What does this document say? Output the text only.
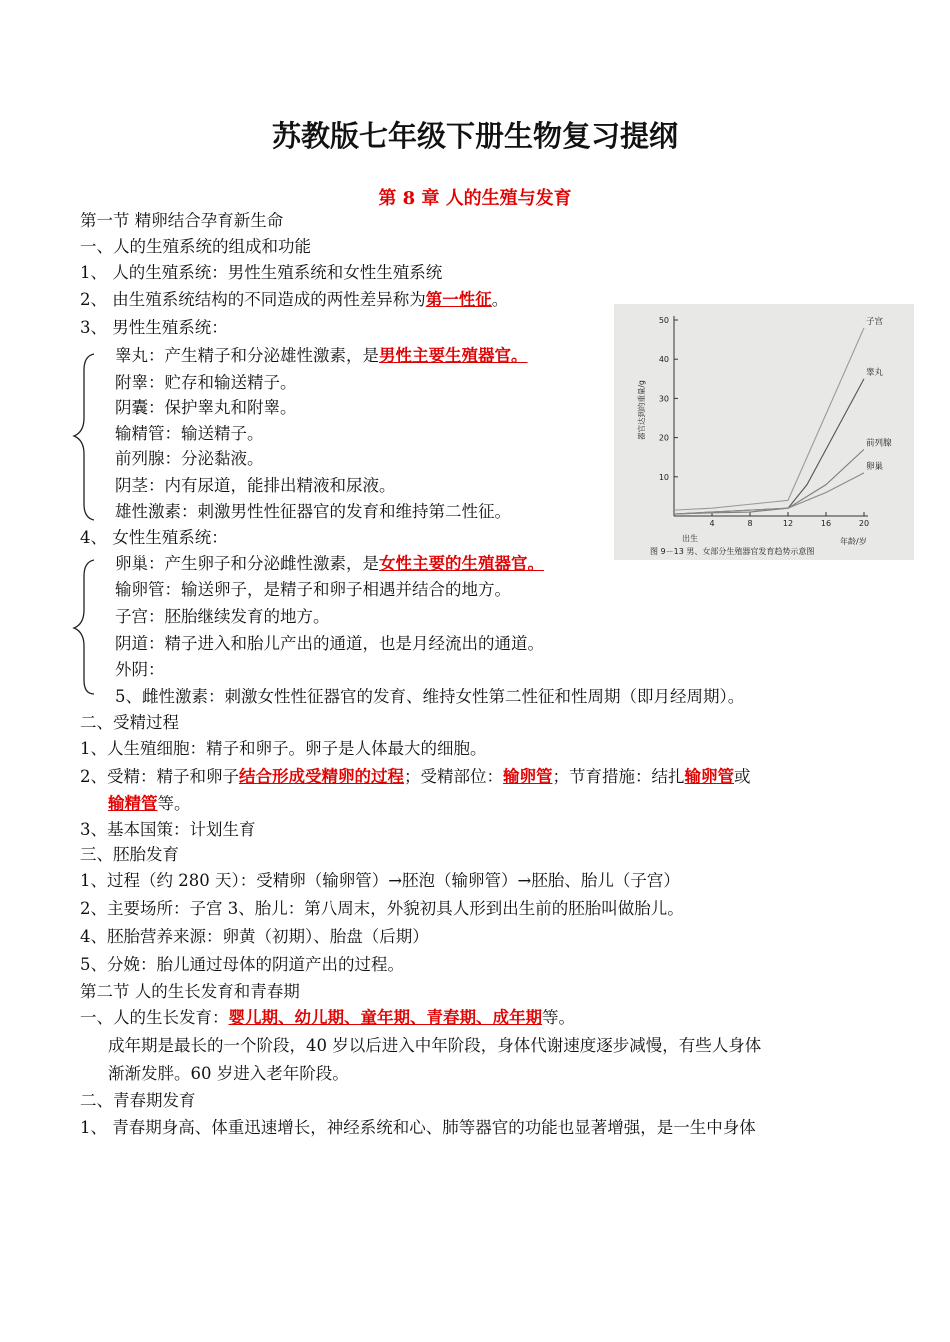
苏教版七年级下册生物复习提纲
第 8 章 人的生殖与发育
第一节 精卵结合孕育新生命
一、人的生殖系统的组成和功能
1、 人的生殖系统：男性生殖系统和女性生殖系统
2、 由生殖系统结构的不同造成的两性差异称为第一性征。
3、 男性生殖系统：
睾丸：产生精子和分泌雄性激素，是男性主要生殖器官。
附睾：贮存和输送精子。
阴囊：保护睾丸和附睾。
输精管：输送精子。
前列腺：分泌黏液。
阴茎：内有尿道，能排出精液和尿液。
雄性激素：刺激男性性征器官的发育和维持第二性征。
4、 女性生殖系统：
卵巢：产生卵子和分泌雌性激素，是女性主要的生殖器官。
输卵管：输送卵子，是精子和卵子相遇并结合的地方。
子宫：胚胎继续发育的地方。
阴道：精子进入和胎儿产出的通道，也是月经流出的通道。
外阴：
5、雌性激素：刺激女性性征器官的发育、维持女性第二性征和性周期（即月经周期）。
二、受精过程
1、人生殖细胞：精子和卵子。卵子是人体最大的细胞。
2、受精：精子和卵子结合形成受精卵的过程；受精部位：输卵管；节育措施：结扎输卵管或
输精管等。
3、基本国策：计划生育
三、胚胎发育
1、过程（约 280 天）：受精卵（输卵管）→胚泡（输卵管）→胚胎、胎儿（子宫）
2、主要场所：子宫 3、胎儿：第八周末，外貌初具人形到出生前的胚胎叫做胎儿。
4、胚胎营养来源：卵黄（初期）、胎盘（后期）
5、分娩：胎儿通过母体的阴道产出的过程。
第二节 人的生长发育和青春期
一、人的生长发育：婴儿期、幼儿期、童年期、青春期、成年期等。
成年期是最长的一个阶段，40 岁以后进入中年阶段，身体代谢速度逐步减慢，有些人身体
渐渐发胖。60 岁进入老年阶段。
二、青春期发育
1、 青春期身高、体重迅速增长，神经系统和心、肺等器官的功能也显著增强，是一生中身体
10
20
30
40
50
4	8	12	16	20
出生	年龄/岁
器官达到的重量/g
子宫
睾丸
前列腺
卵巢
图 9－13 男、女部分生殖器官发育趋势示意图
